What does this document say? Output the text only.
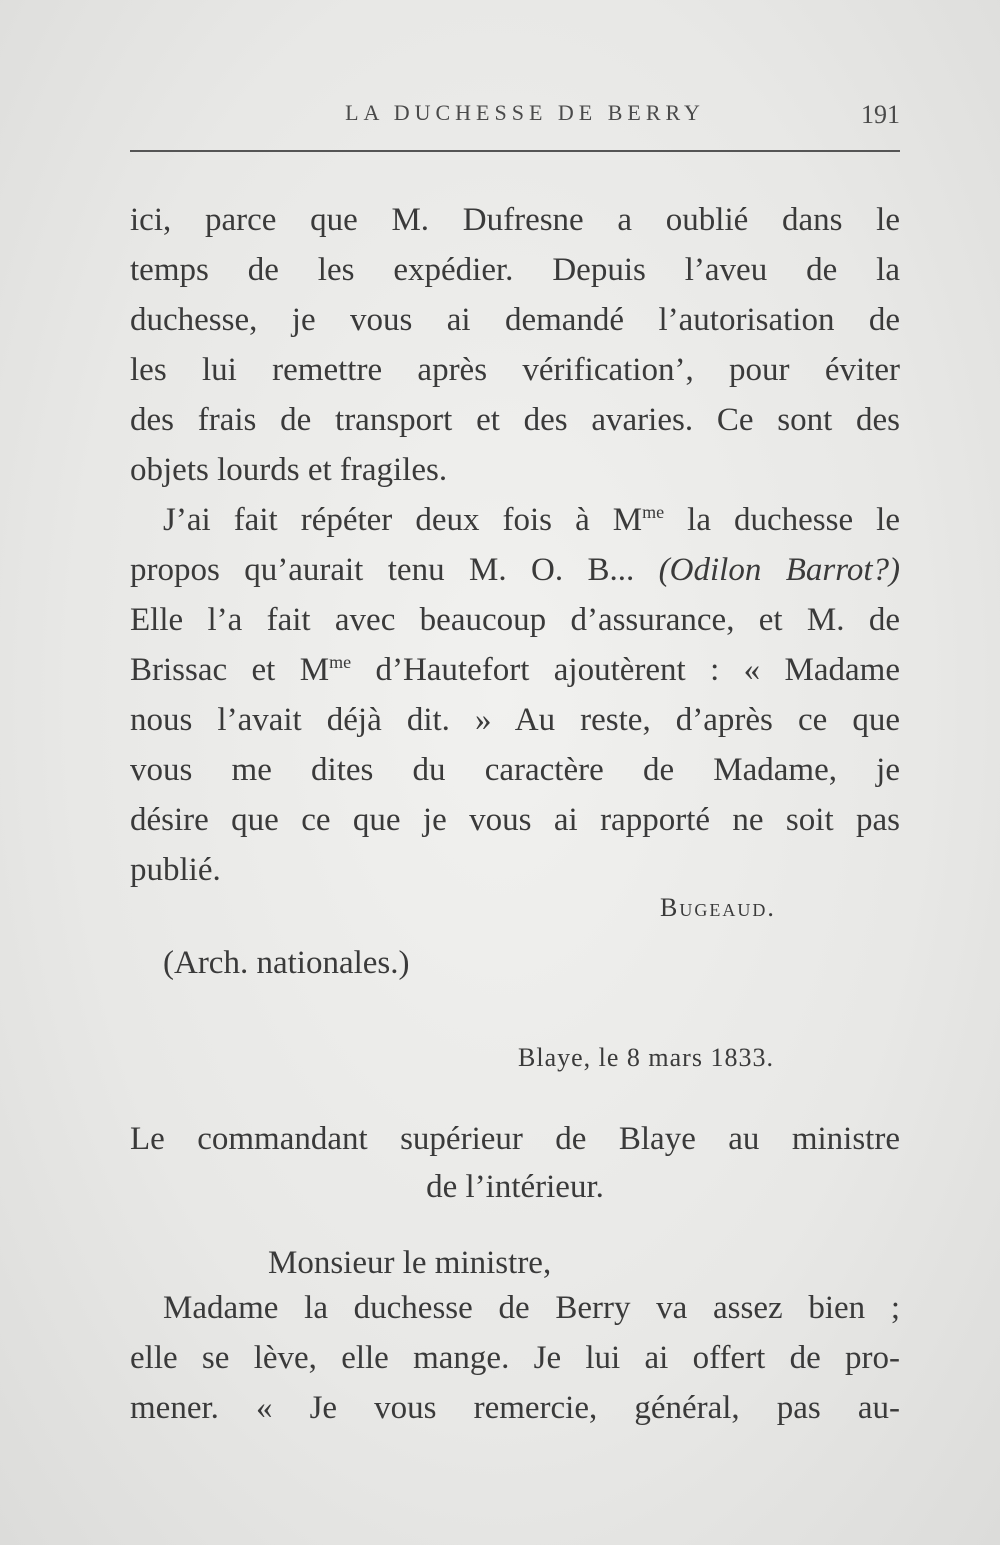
LA DUCHESSE DE BERRY	191
ici, parce que M. Dufresne a oublié dans le
temps de les expédier. Depuis l’aveu de la
duchesse, je vous ai demandé l’autorisation de
les lui remettre après vérification’, pour éviter
des frais de transport et des avaries. Ce sont des
objets lourds et fragiles.
J’ai fait répéter deux fois à $M^{me}$ la duchesse le
propos qu’aurait tenu M. O. B... (Odilon Barrot?)
Elle l’a fait avec beaucoup d’assurance, et M. de
Brissac et $M^{me}$ d’Hautefort ajoutèrent : « Madame
nous l’avait déjà dit. » Au reste, d’après ce que
vous me dites du caractère de Madame, je
désire que ce que je vous ai rapporté ne soit pas
publié.
Bugeaud.
(Arch. nationales.)
Blaye, le 8 mars 1833.
Le commandant supérieur de Blaye au ministre
de l’intérieur.
Monsieur le ministre,
Madame la duchesse de Berry va assez bien ;
elle se lève, elle mange. Je lui ai offert de pro-
mener. « Je vous remercie, général, pas au-
